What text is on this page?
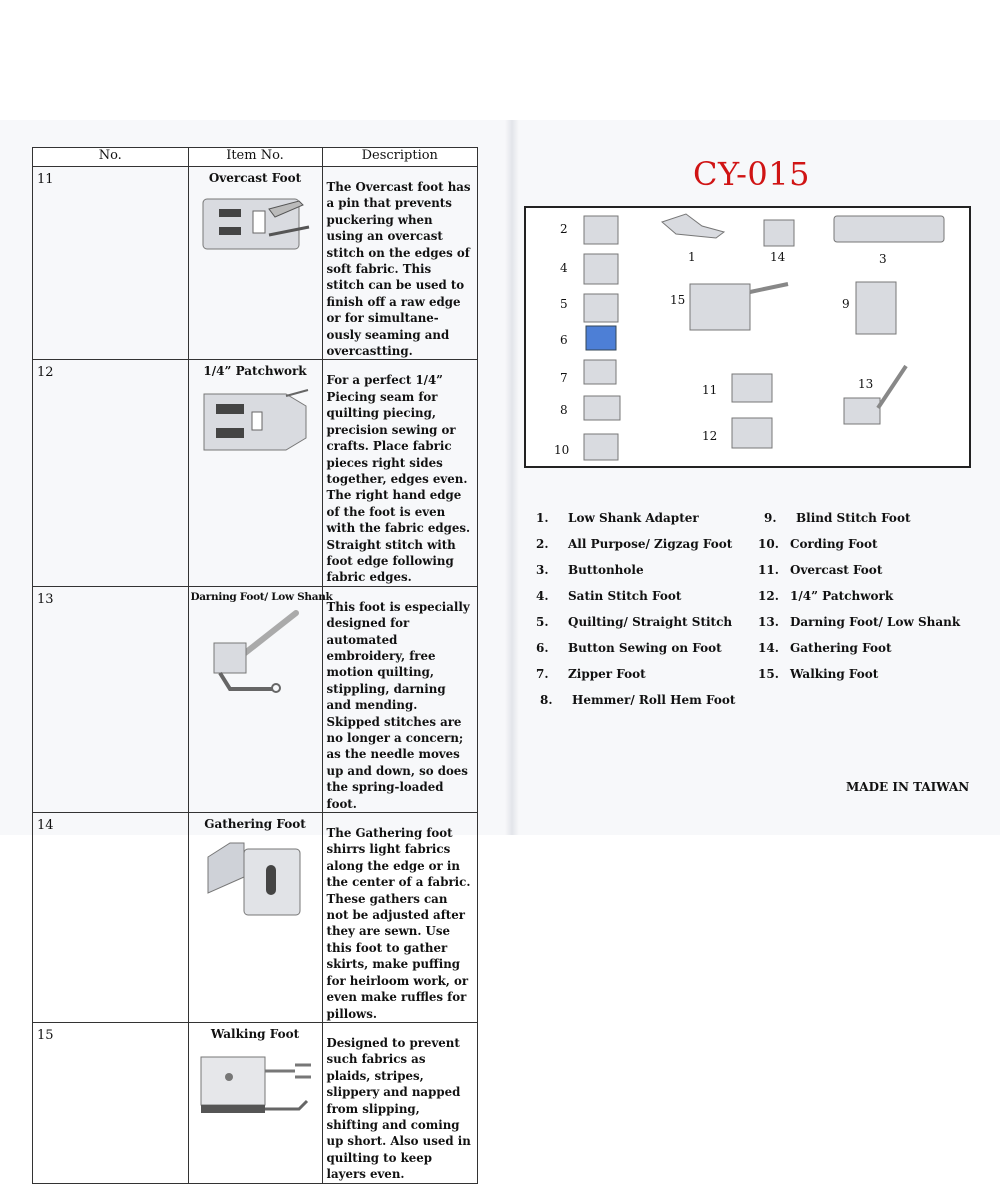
No.	Item No.	Description
11	Overcast Foot	The Overcast foot has a pin that prevents puckering when using an overcast stitch on the edges of soft fabric. This stitch can be used to finish off a raw edge or for simultane-ously seaming and overcastting.
12	1/4” Patchwork	For a perfect 1/4” Piecing seam for quilting piecing, precision sewing or crafts. Place fabric pieces right sides together, edges even. The right hand edge of the foot is even with the fabric edges. Straight stitch with foot edge following fabric edges.
13	Darning Foot/ Low Shank	This foot is especially designed for automated embroidery, free motion quilting, stippling, darning and mending. Skipped stitches are no longer a concern; as the needle moves up and down, so does the spring-loaded foot.
14	Gathering Foot	The Gathering foot shirrs light fabrics along the edge or in the center of a fabric. These gathers can not be adjusted after they are sewn. Use this foot to gather skirts, make puffing for heirloom work, or even make ruffles for pillows.
15	Walking Foot	Designed to prevent such fabrics as plaids, stripes, slippery and napped from slipping, shifting and coming up short. Also used in quilting to keep layers even.
CY-015
2
1	14	3
4
5	15	9
6
7
11	13
8
12
10
1. Low Shank Adapter
2. All Purpose/ Zigzag Foot
3. Buttonhole
4. Satin Stitch Foot
5. Quilting/ Straight Stitch
6. Button Sewing on Foot
7. Zipper Foot
8. Hemmer/ Roll Hem Foot
9. Blind Stitch Foot
10. Cording Foot
11. Overcast Foot
12. 1/4” Patchwork
13. Darning Foot/ Low Shank
14. Gathering Foot
15. Walking Foot
MADE IN TAIWAN
